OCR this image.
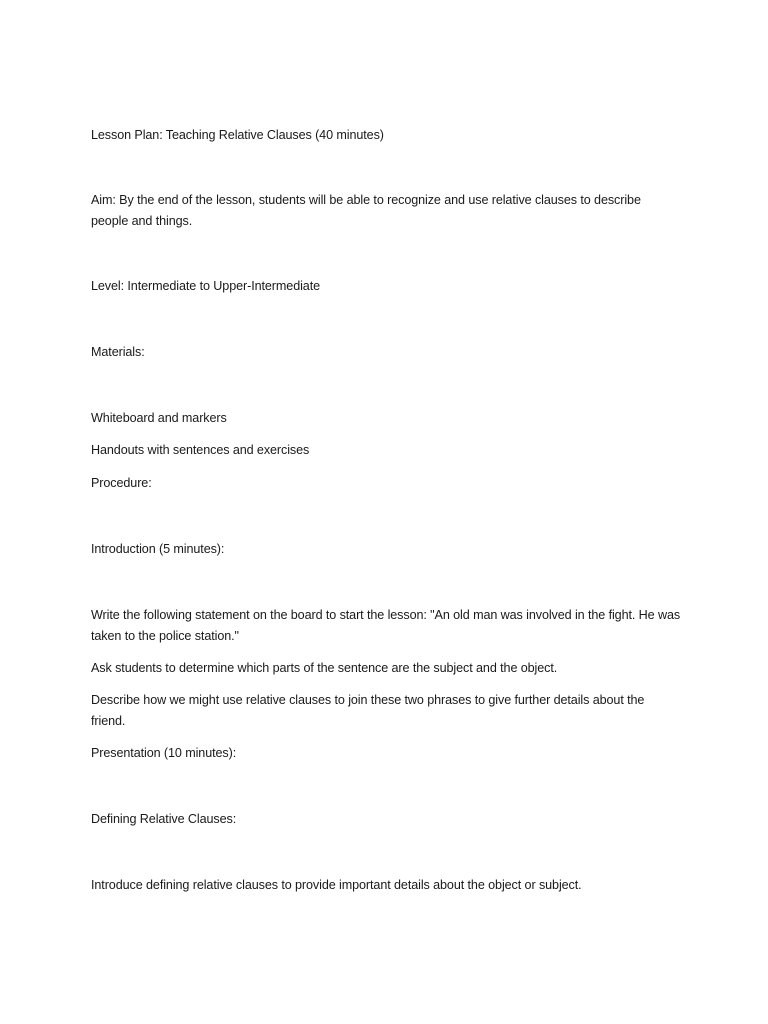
Lesson Plan: Teaching Relative Clauses (40 minutes)

Aim: By the end of the lesson, students will be able to recognize and use relative clauses to describe people and things.

Level: Intermediate to Upper-Intermediate

Materials:

Whiteboard and markers

Handouts with sentences and exercises

Procedure:

Introduction (5 minutes):

Write the following statement on the board to start the lesson: "An old man was involved in the fight. He was taken to the police station."

Ask students to determine which parts of the sentence are the subject and the object.

Describe how we might use relative clauses to join these two phrases to give further details about the friend.

Presentation (10 minutes):

Defining Relative Clauses:

Introduce defining relative clauses to provide important details about the object or subject.
